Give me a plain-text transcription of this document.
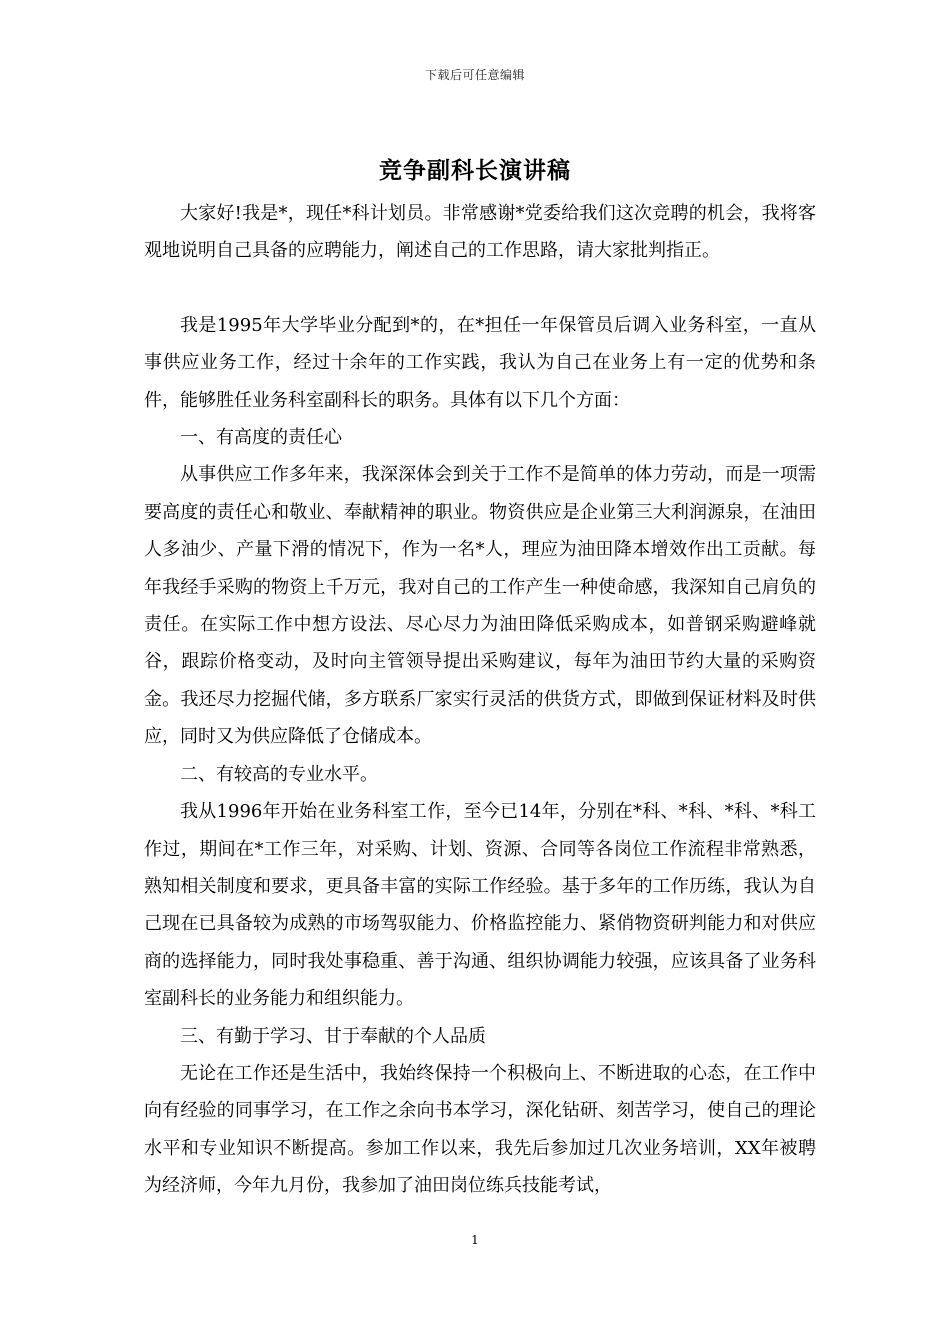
下载后可任意编辑
竞争副科长演讲稿

大家好!我是*，现任*科计划员。非常感谢*党委给我们这次竞聘的机会，我将客观地说明自己具备的应聘能力，阐述自己的工作思路，请大家批判指正。

我是1995年大学毕业分配到*的，在*担任一年保管员后调入业务科室，一直从事供应业务工作，经过十余年的工作实践，我认为自己在业务上有一定的优势和条件，能够胜任业务科室副科长的职务。具体有以下几个方面：

一、有高度的责任心

从事供应工作多年来，我深深体会到关于工作不是简单的体力劳动，而是一项需要高度的责任心和敬业、奉献精神的职业。物资供应是企业第三大利润源泉，在油田人多油少、产量下滑的情况下，作为一名*人，理应为油田降本增效作出工贡献。每年我经手采购的物资上千万元，我对自己的工作产生一种使命感，我深知自己肩负的责任。在实际工作中想方设法、尽心尽力为油田降低采购成本，如普钢采购避峰就谷，跟踪价格变动，及时向主管领导提出采购建议，每年为油田节约大量的采购资金。我还尽力挖掘代储，多方联系厂家实行灵活的供货方式，即做到保证材料及时供应，同时又为供应降低了仓储成本。

二、有较高的专业水平。

我从1996年开始在业务科室工作，至今已14年，分别在*科、*科、*科、*科工作过，期间在*工作三年，对采购、计划、资源、合同等各岗位工作流程非常熟悉，熟知相关制度和要求，更具备丰富的实际工作经验。基于多年的工作历练，我认为自己现在已具备较为成熟的市场驾驭能力、价格监控能力、紧俏物资研判能力和对供应商的选择能力，同时我处事稳重、善于沟通、组织协调能力较强，应该具备了业务科室副科长的业务能力和组织能力。

三、有勤于学习、甘于奉献的个人品质

无论在工作还是生活中，我始终保持一个积极向上、不断进取的心态，在工作中向有经验的同事学习，在工作之余向书本学习，深化钻研、刻苦学习，使自己的理论水平和专业知识不断提高。参加工作以来，我先后参加过几次业务培训，XX年被聘为经济师，今年九月份，我参加了油田岗位练兵技能考试，

1
